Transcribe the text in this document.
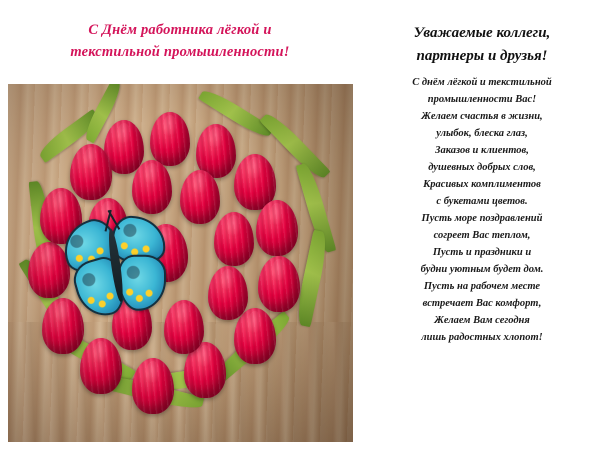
С Днём работника лёгкой и
текстильной промышленности!
Уважаемые коллеги,
партнеры и друзья!
С днём лёгкой и текстильной
промышленности Вас!
Желаем счастья в жизни,
улыбок, блеска глаз,
Заказов и клиентов,
душевных добрых слов,
Красивых комплиментов
с букетами цветов.
Пусть море поздравлений
согреет Вас теплом,
Пусть и праздники и
будни уютным будет дом.
Пусть на рабочем месте
встречает Вас комфорт,
Желаем Вам сегодня
лишь радостных хлопот!
